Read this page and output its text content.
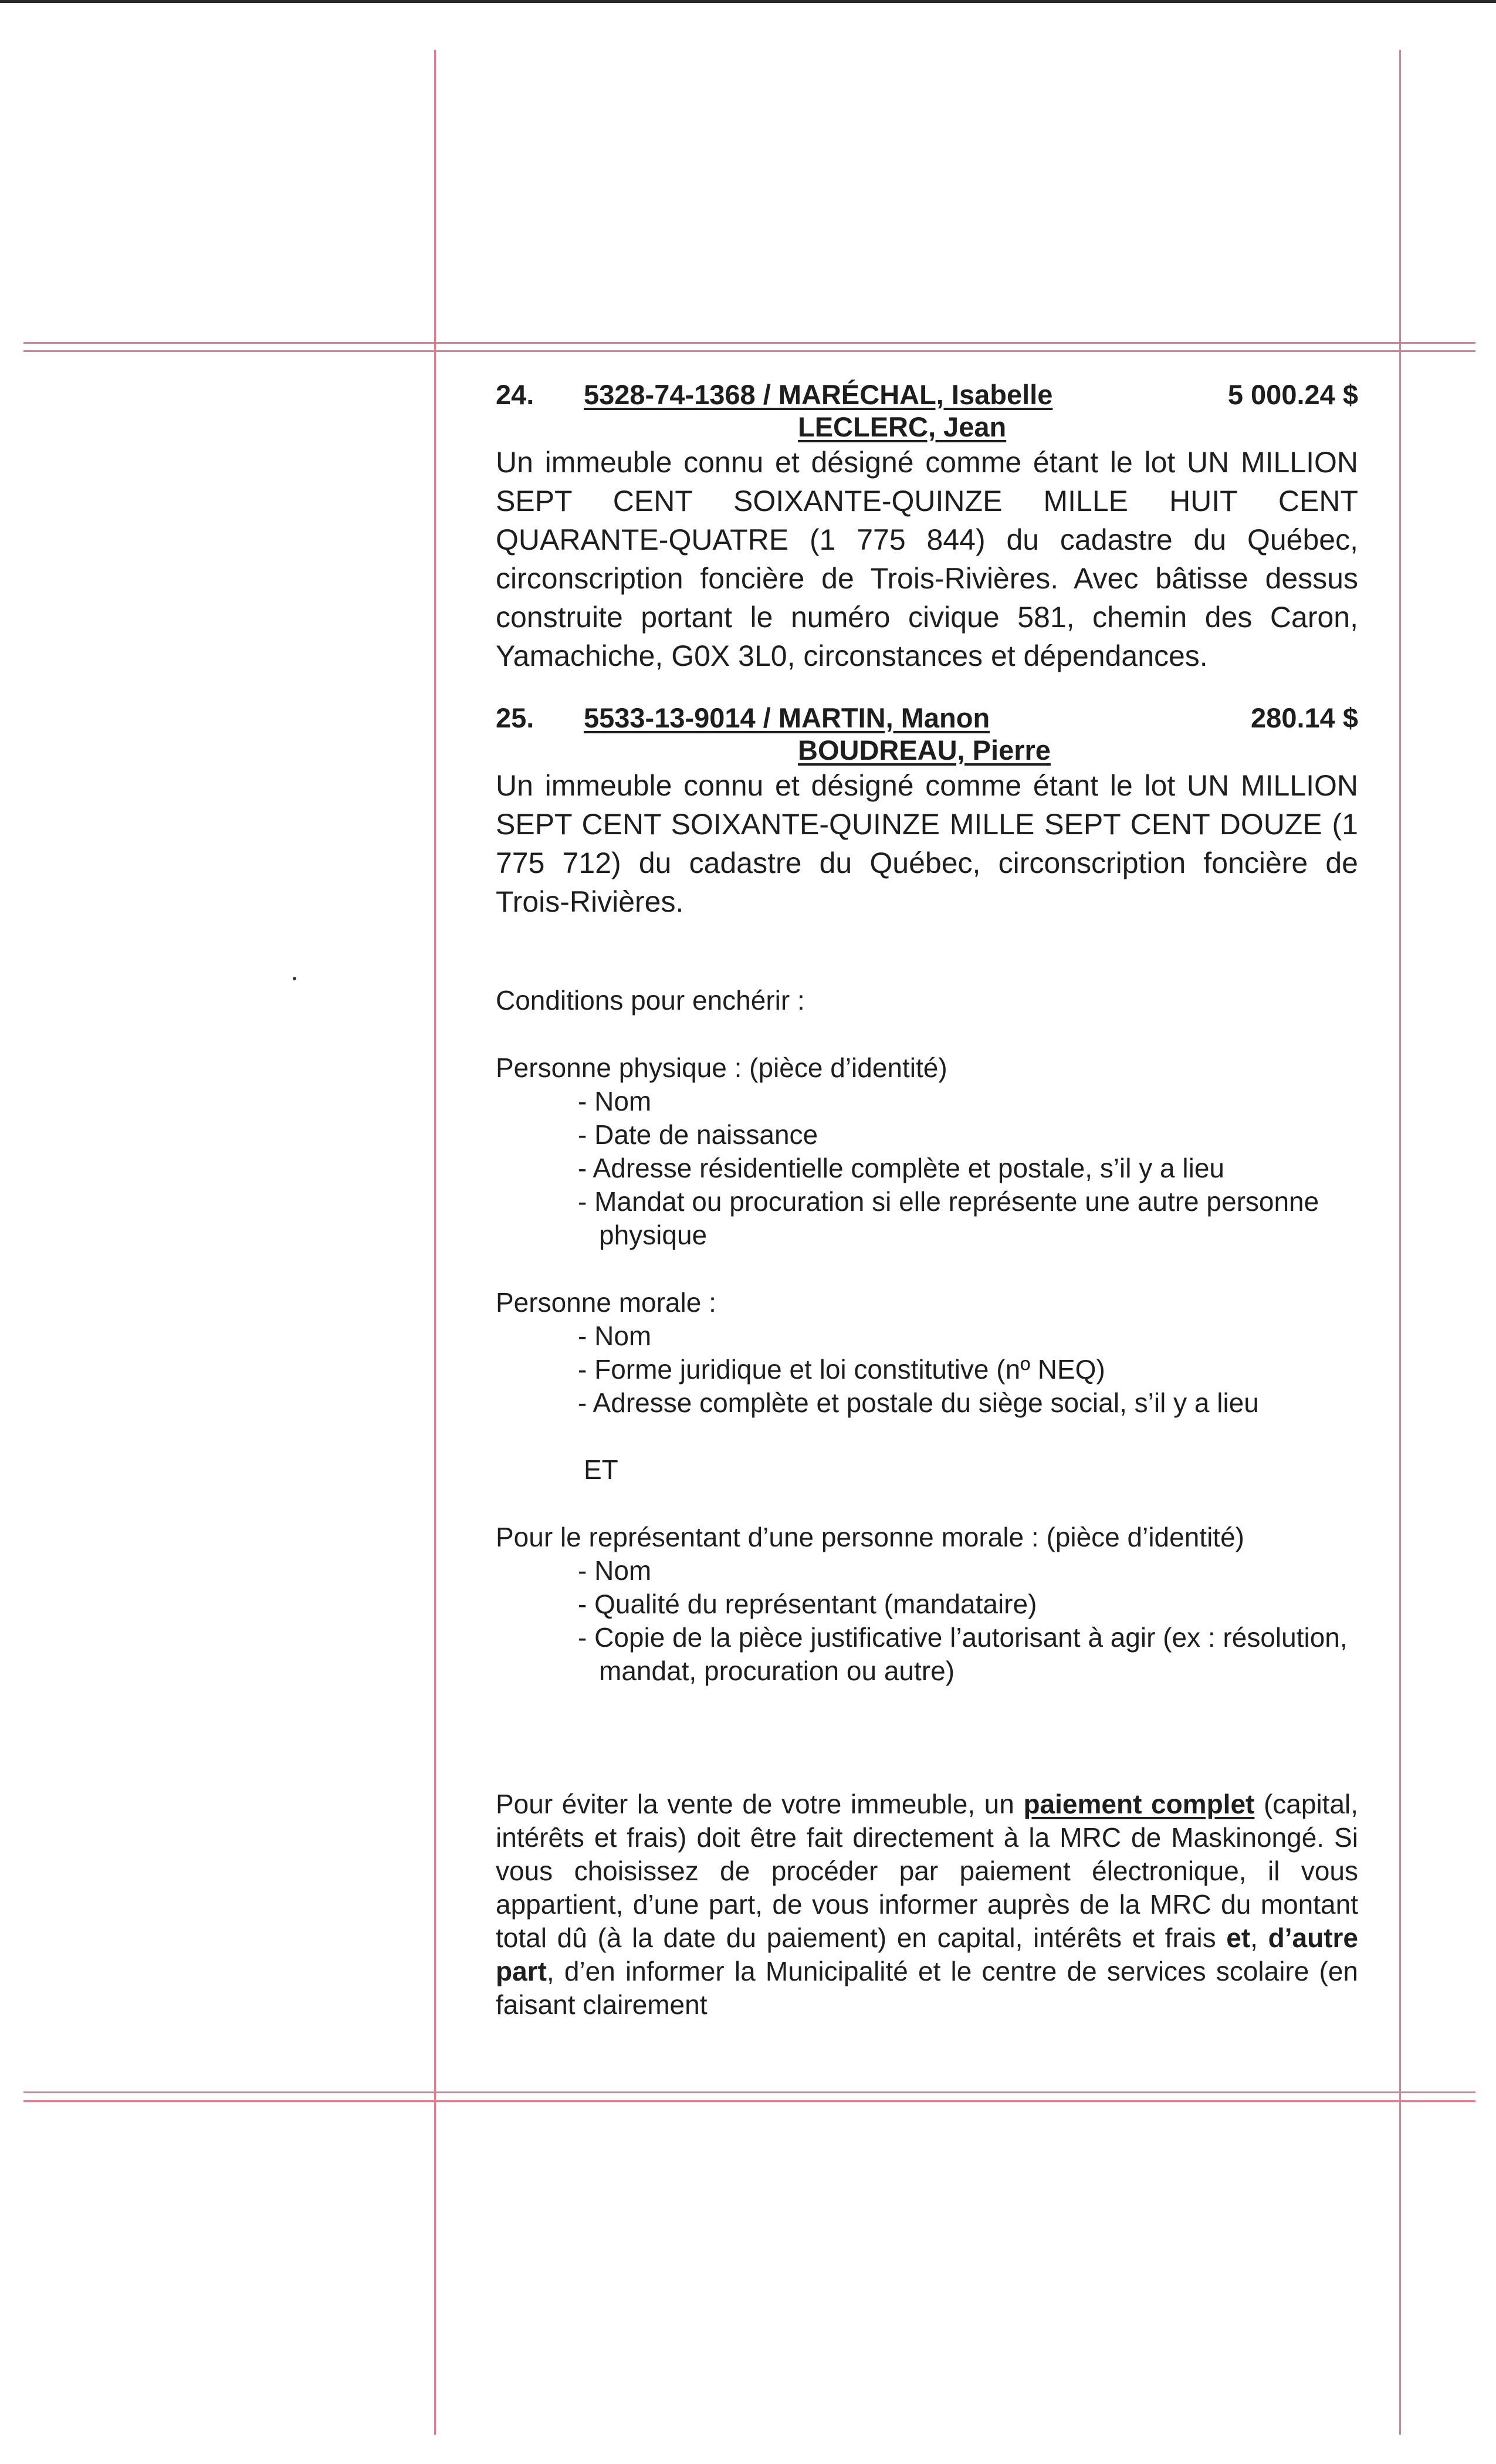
24. 5328-74-1368 / MARÉCHAL, Isabelle
LECLERC, Jean
5 000.24 $

Un immeuble connu et désigné comme étant le lot UN MILLION SEPT CENT SOIXANTE-QUINZE MILLE HUIT CENT QUARANTE-QUATRE (1 775 844) du cadastre du Québec, circonscription foncière de Trois-Rivières. Avec bâtisse dessus construite portant le numéro civique 581, chemin des Caron, Yamachiche, G0X 3L0, circonstances et dépendances.

25. 5533-13-9014 / MARTIN, Manon
BOUDREAU, Pierre
280.14 $

Un immeuble connu et désigné comme étant le lot UN MILLION SEPT CENT SOIXANTE-QUINZE MILLE SEPT CENT DOUZE (1 775 712) du cadastre du Québec, circonscription foncière de Trois-Rivières.

Conditions pour enchérir :

Personne physique : (pièce d’identité)

- Nom
- Date de naissance
- Adresse résidentielle complète et postale, s’il y a lieu
- Mandat ou procuration si elle représente une autre personne physique

Personne morale :

- Nom
- Forme juridique et loi constitutive (nº NEQ)
- Adresse complète et postale du siège social, s’il y a lieu

ET

Pour le représentant d’une personne morale : (pièce d’identité)

- Nom
- Qualité du représentant (mandataire)
- Copie de la pièce justificative l’autorisant à agir (ex : résolution, mandat, procuration ou autre)

Pour éviter la vente de votre immeuble, un paiement complet (capital, intérêts et frais) doit être fait directement à la MRC de Maskinongé. Si vous choisissez de procéder par paiement électronique, il vous appartient, d’une part, de vous informer auprès de la MRC du montant total dû (à la date du paiement) en capital, intérêts et frais et, d’autre part, d’en informer la Municipalité et le centre de services scolaire (en faisant clairement
